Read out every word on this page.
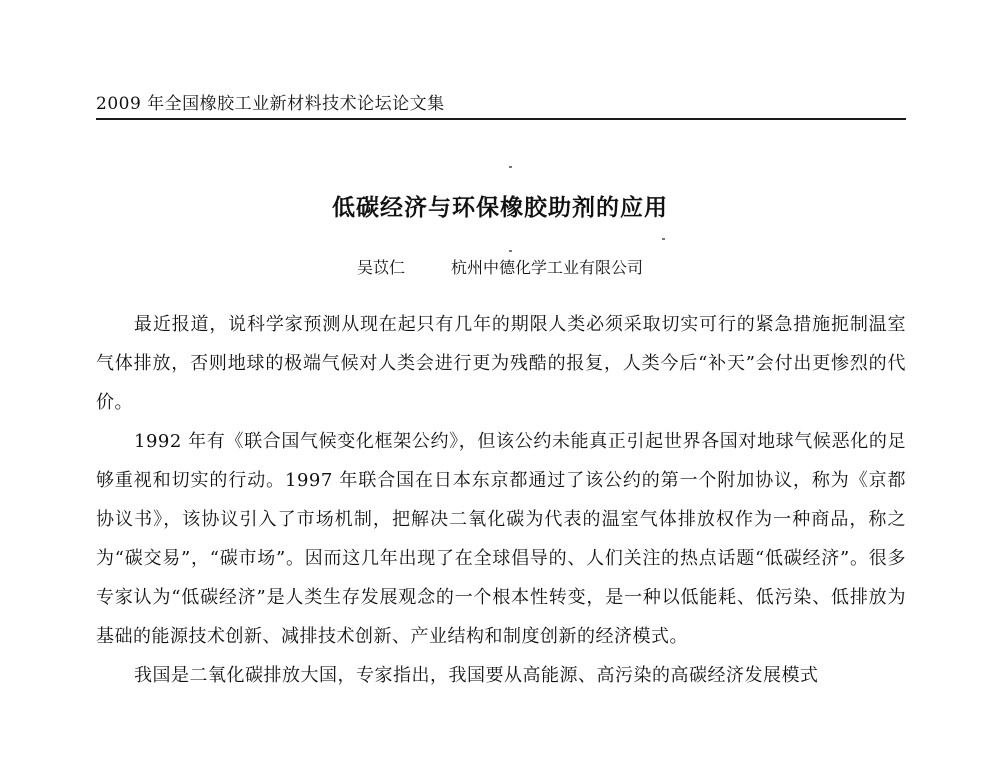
2009 年全国橡胶工业新材料技术论坛论文集
低碳经济与环保橡胶助剂的应用
吴苡仁	杭州中德化学工业有限公司

最近报道，说科学家预测从现在起只有几年的期限人类必须采取切实可行的紧急措施扼制温室气体排放，否则地球的极端气候对人类会进行更为残酷的报复，人类今后“补天”会付出更惨烈的代价。

1992 年有《联合国气候变化框架公约》，但该公约未能真正引起世界各国对地球气候恶化的足够重视和切实的行动。1997 年联合国在日本东京都通过了该公约的第一个附加协议，称为《京都协议书》，该协议引入了市场机制，把解决二氧化碳为代表的温室气体排放权作为一种商品，称之为“碳交易”，“碳市场”。因而这几年出现了在全球倡导的、人们关注的热点话题“低碳经济”。很多专家认为“低碳经济”是人类生存发展观念的一个根本性转变，是一种以低能耗、低污染、低排放为基础的能源技术创新、减排技术创新、产业结构和制度创新的经济模式。

我国是二氧化碳排放大国，专家指出，我国要从高能源、高污染的高碳经济发展模式
